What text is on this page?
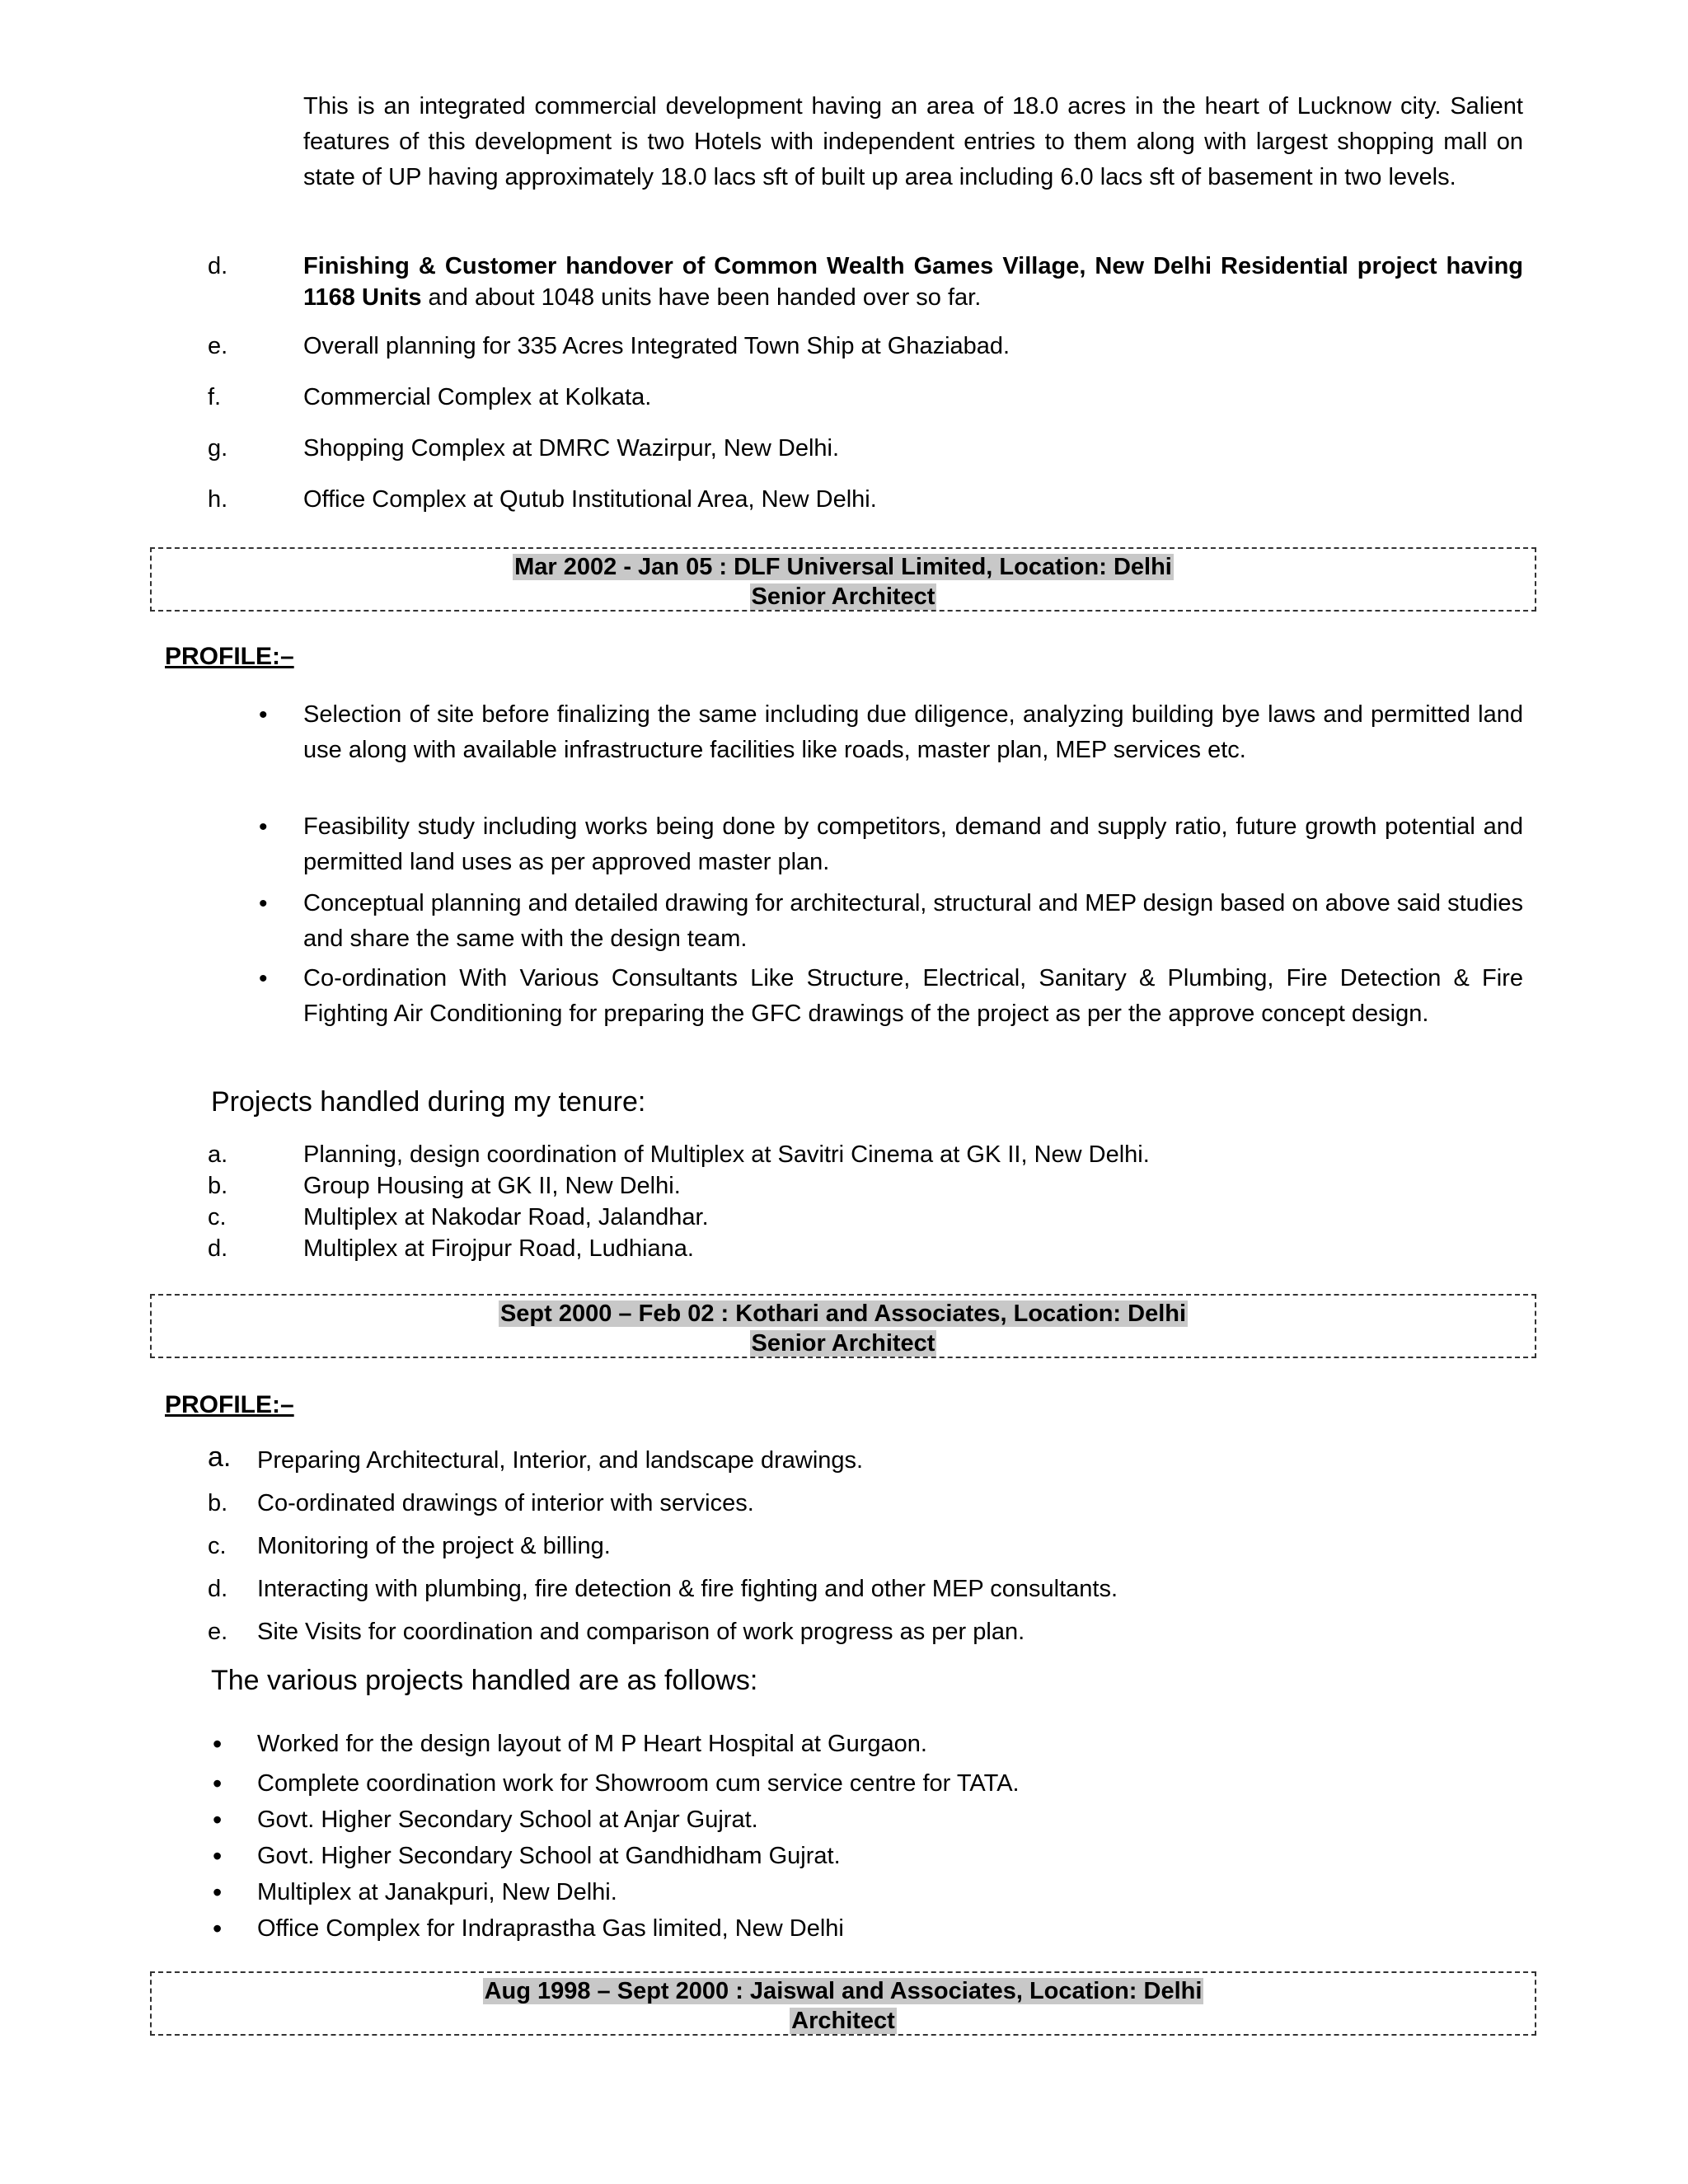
This is an integrated commercial development having an area of 18.0 acres in the heart of Lucknow city. Salient features of this development is two Hotels with independent entries to them along with largest shopping mall on state of UP having approximately 18.0 lacs sft of built up area including 6.0 lacs sft of basement in two levels.
d.	Finishing & Customer handover of Common Wealth Games Village, New Delhi Residential project having 1168 Units and about 1048 units have been handed over so far.
e.	Overall planning for 335 Acres Integrated Town Ship at Ghaziabad.
f.	Commercial Complex at Kolkata.
g.	Shopping Complex at DMRC Wazirpur, New Delhi.
h.	Office Complex at Qutub Institutional Area, New Delhi.
Mar 2002 - Jan 05 : DLF Universal Limited, Location: Delhi
Senior Architect
PROFILE:–
• Selection of site before finalizing the same including due diligence, analyzing building bye laws and permitted land use along with available infrastructure facilities like roads, master plan, MEP services etc.
• Feasibility study including works being done by competitors, demand and supply ratio, future growth potential and permitted land uses as per approved master plan.
• Conceptual planning and detailed drawing for architectural, structural and MEP design based on above said studies and share the same with the design team.
• Co-ordination With Various Consultants Like Structure, Electrical, Sanitary & Plumbing, Fire Detection & Fire Fighting Air Conditioning for preparing the GFC drawings of the project as per the approve concept design.
Projects handled during my tenure:
a.	Planning, design coordination of Multiplex at Savitri Cinema at GK II, New Delhi.
b.	Group Housing at GK II, New Delhi.
c.	Multiplex at Nakodar Road, Jalandhar.
d.	Multiplex at Firojpur Road, Ludhiana.
Sept 2000 – Feb 02 : Kothari and Associates, Location: Delhi
Senior Architect
PROFILE:–
a. Preparing Architectural, Interior, and landscape drawings.
b. Co-ordinated drawings of interior with services.
c. Monitoring of the project & billing.
d. Interacting with plumbing, fire detection & fire fighting and other MEP consultants.
e. Site Visits for coordination and comparison of work progress as per plan.
The various projects handled are as follows:
• Worked for the design layout of M P Heart Hospital at Gurgaon.
• Complete coordination work for Showroom cum service centre for TATA.
• Govt. Higher Secondary School at Anjar Gujrat.
• Govt. Higher Secondary School at Gandhidham Gujrat.
• Multiplex at Janakpuri, New Delhi.
• Office Complex for Indraprastha Gas limited, New Delhi
Aug 1998 – Sept 2000 : Jaiswal and Associates, Location: Delhi
Architect
